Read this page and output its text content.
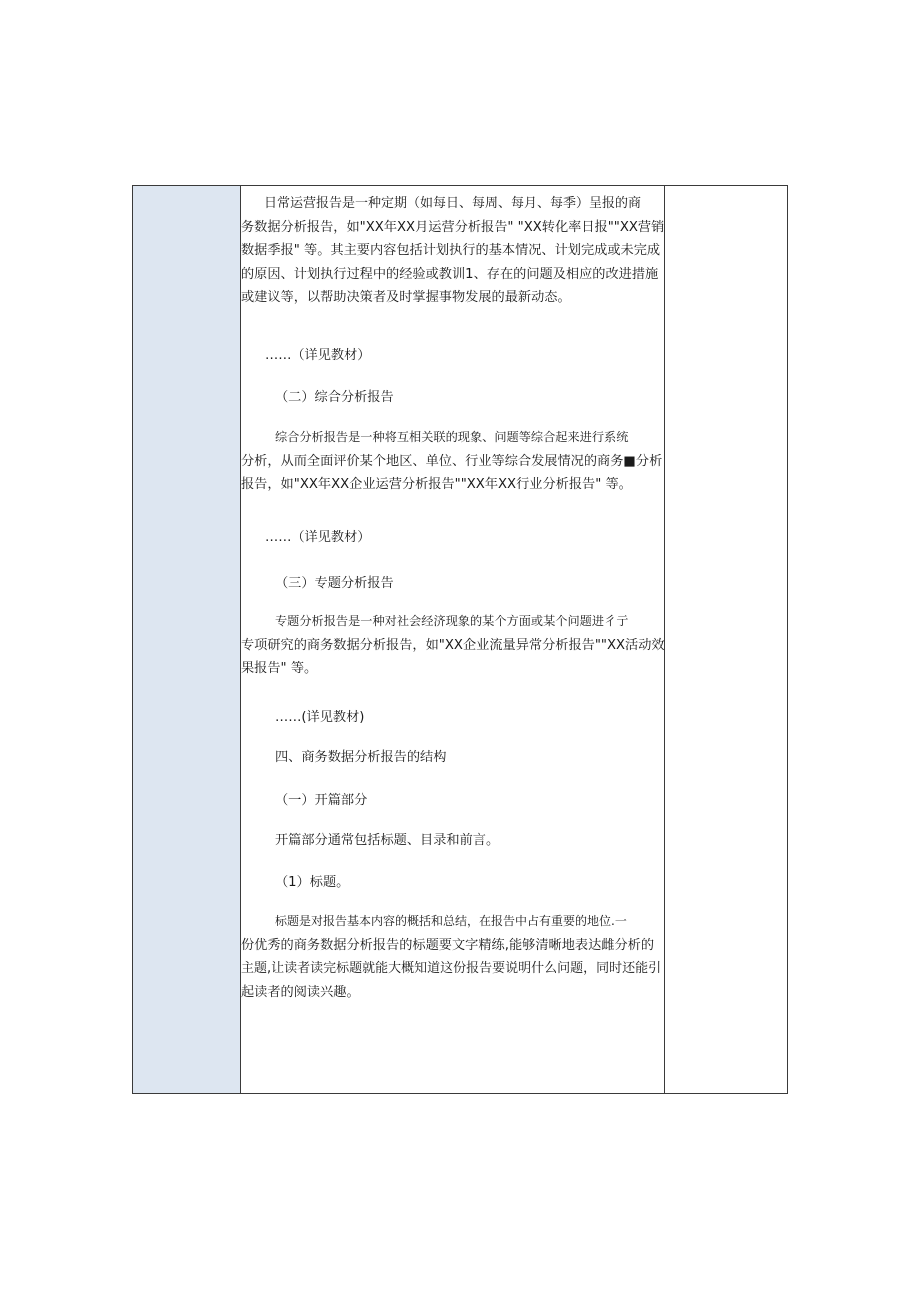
日常运营报告是一种定期（如每日、每周、每月、每季）呈报的商
务数据分析报告，如"XX年XX月运营分析报告" "XX转化率日报""XX营销
数据季报" 等。其主要内容包括计划执行的基本情况、计划完成或未完成
的原因、计划执行过程中的经验或教训1、存在的问题及相应的改进措施
或建议等，以帮助决策者及时掌握事物发展的最新动态。
……（详见教材）
（二）综合分析报告
综合分析报告是一种将互相关联的现象、问题等综合起来进行系统
分析，从而全面评价某个地区、单位、行业等综合发展情况的商务■分析
报告，如"XX年XX企业运营分析报告""XX年XX行业分析报告" 等。
……（详见教材）
（三）专题分析报告
专题分析报告是一种对社会经济现象的某个方面或某个问题进彳亍
专项研究的商务数据分析报告，如"XX企业流量异常分析报告""XX活动效
果报告" 等。
……(详见教材)
四、商务数据分析报告的结构
（一）开篇部分
开篇部分通常包括标题、目录和前言。
（1）标题。
标题是对报告基本内容的概括和总结，在报告中占有重要的地位.一
份优秀的商务数据分析报告的标题要文字精练,能够清晰地表达雌分析的
主题,让读者读完标题就能大概知道这份报告要说明什么问题，同时还能引
起读者的阅读兴趣。
